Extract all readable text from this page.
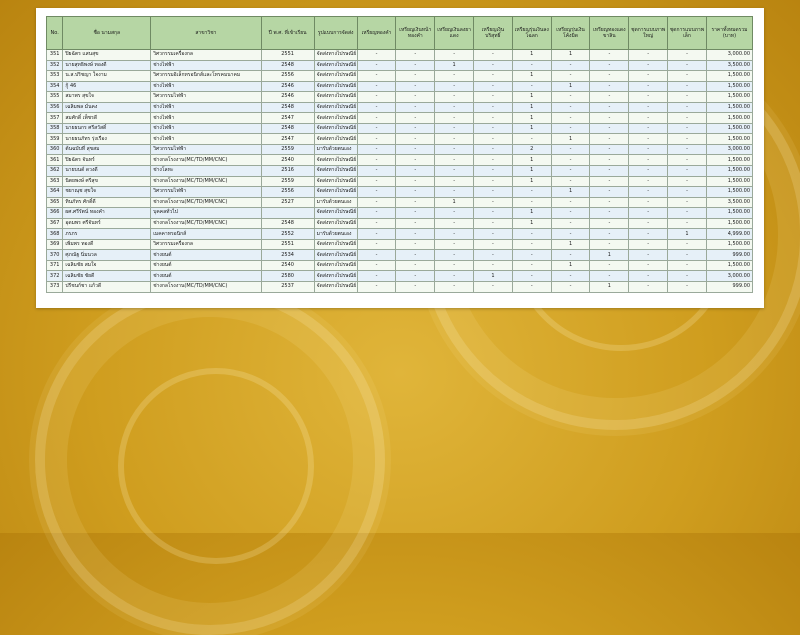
No.	ชื่อ นามสกุล	สาขาวิชา	ปี พ.ศ. ที่เข้าเรียน	รูปแบบการจัดส่ง	เหรียญทองคำ	เหรียญเงินหน้าทองคำ	เหรียญเงินลงยาแดง	เหรียญเงินบริสุทธิ์	เหรียญรุ่นเงินลงโฉลก	เหรียญรุ่นเงินโค้งมิด	เหรียญทองแดงขาลิน	ชุดการแบบภาพใหญ่	ชุดการแบบภาพเล็ก	ราคาทั้งหมดรวม (บาท)
351	ปิยฉัตร แสนสุข	วิศวกรรมเครื่องกล	2551	จัดส่งทางไปรษณีย์	-	-	-	-	1	1	-	-	-	3,000.00
352	นายสุทธิพงษ์ ทองดี	ช่างไฟฟ้า	2548	จัดส่งทางไปรษณีย์	-	-	1	-	-	-	-	-	-	3,500.00
353	น.ส.ปริชญา ใจงาม	วิศวกรรมอิเล็กทรอนิกส์และโทรคมนาคม	2556	จัดส่งทางไปรษณีย์	-	-	-	-	1	-	-	-	-	1,500.00
354	กู้ 46	ช่างไฟฟ้า	2546	จัดส่งทางไปรษณีย์	-	-	-	-	-	1	-	-	-	1,500.00
355	สมาพร สุขใจ	วิศวกรรมไฟฟ้า	2546	จัดส่งทางไปรษณีย์	-	-	-	-	1	-	-	-	-	1,500.00
356	เฉลิมพล มั่นคง	ช่างไฟฟ้า	2548	จัดส่งทางไปรษณีย์	-	-	-	-	1	-	-	-	-	1,500.00
357	สมศักดิ์ เพ็ชรดี	ช่างไฟฟ้า	2547	จัดส่งทางไปรษณีย์	-	-	-	-	1	-	-	-	-	1,500.00
358	นายธนกร ศรีสวัสดิ์	ช่างไฟฟ้า	2548	จัดส่งทางไปรษณีย์	-	-	-	-	1	-	-	-	-	1,500.00
359	นายธนภัทร รุ่งเรือง	ช่างไฟฟ้า	2547	จัดส่งทางไปรษณีย์	-	-	-	-	-	1	-	-	-	1,500.00
360	ต้นฉบับที่ สุขสม	วิศวกรรมไฟฟ้า	2559	มารับด้วยตนเอง	-	-	-	-	2	-	-	-	-	3,000.00
361	ปิยฉัตร จันทร์	ช่างกลโรงงาน(MC/TD/MM/CNC)	2540	จัดส่งทางไปรษณีย์	-	-	-	-	1	-	-	-	-	1,500.00
362	นายบนด์ ดวงดี	ช่างโลหะ	2516	จัดส่งทางไปรษณีย์	-	-	-	-	1	-	-	-	-	1,500.00
363	นิตยพงษ์ ศรีสุข	ช่างกลโรงงาน(MC/TD/MM/CNC)	2559	จัดส่งทางไปรษณีย์	-	-	-	-	1	-	-	-	-	1,500.00
364	ชยาณุช สุขใจ	วิศวกรรมไฟฟ้า	2556	จัดส่งทางไปรษณีย์	-	-	-	-	-	1	-	-	-	1,500.00
365	ทินภัทร ศักดิ์ดี	ช่างกลโรงงาน(MC/TD/MM/CNC)	2527	มารับด้วยตนเอง	-	-	1	-	-	-	-	-	-	3,500.00
366	ผศ.ศรีรัตน์ ทองคำ	บุคคลทั่วไป		จัดส่งทางไปรษณีย์	-	-	-	-	1	-	-	-	-	1,500.00
367	อุดมพร ศรีจันทร์	ช่างกลโรงงาน(MC/TD/MM/CNC)	2548	จัดส่งทางไปรษณีย์	-	-	-	-	1	-	-	-	-	1,500.00
368	ภรภร	เมคคาทรอนิกส์	2552	มารับด้วยตนเอง	-	-	-	-	-	-	-	-	1	4,999.00
369	เพิ่มพร ทองดี	วิศวกรรมเครื่องกล	2551	จัดส่งทางไปรษณีย์	-	-	-	-	-	1	-	-	-	1,500.00
370	ศุภณัฐ นิ่มนวล	ช่างยนต์	2534	จัดส่งทางไปรษณีย์	-	-	-	-	-	-	1	-	-	999.00
371	เฉลิมชัย สมใจ	ช่างยนต์	2540	จัดส่งทางไปรษณีย์	-	-	-	-	-	1	-	-	-	1,500.00
372	เฉลิมชัย ชัยดี	ช่างยนต์	2580	จัดส่งทางไปรษณีย์	-	-	-	1	-	-	-	-	-	3,000.00
373	ปรีชนก์ชา แก้วดี	ช่างกลโรงงาน(MC/TD/MM/CNC)	2537	จัดส่งทางไปรษณีย์	-	-	-	-	-	-	1	-	-	999.00
